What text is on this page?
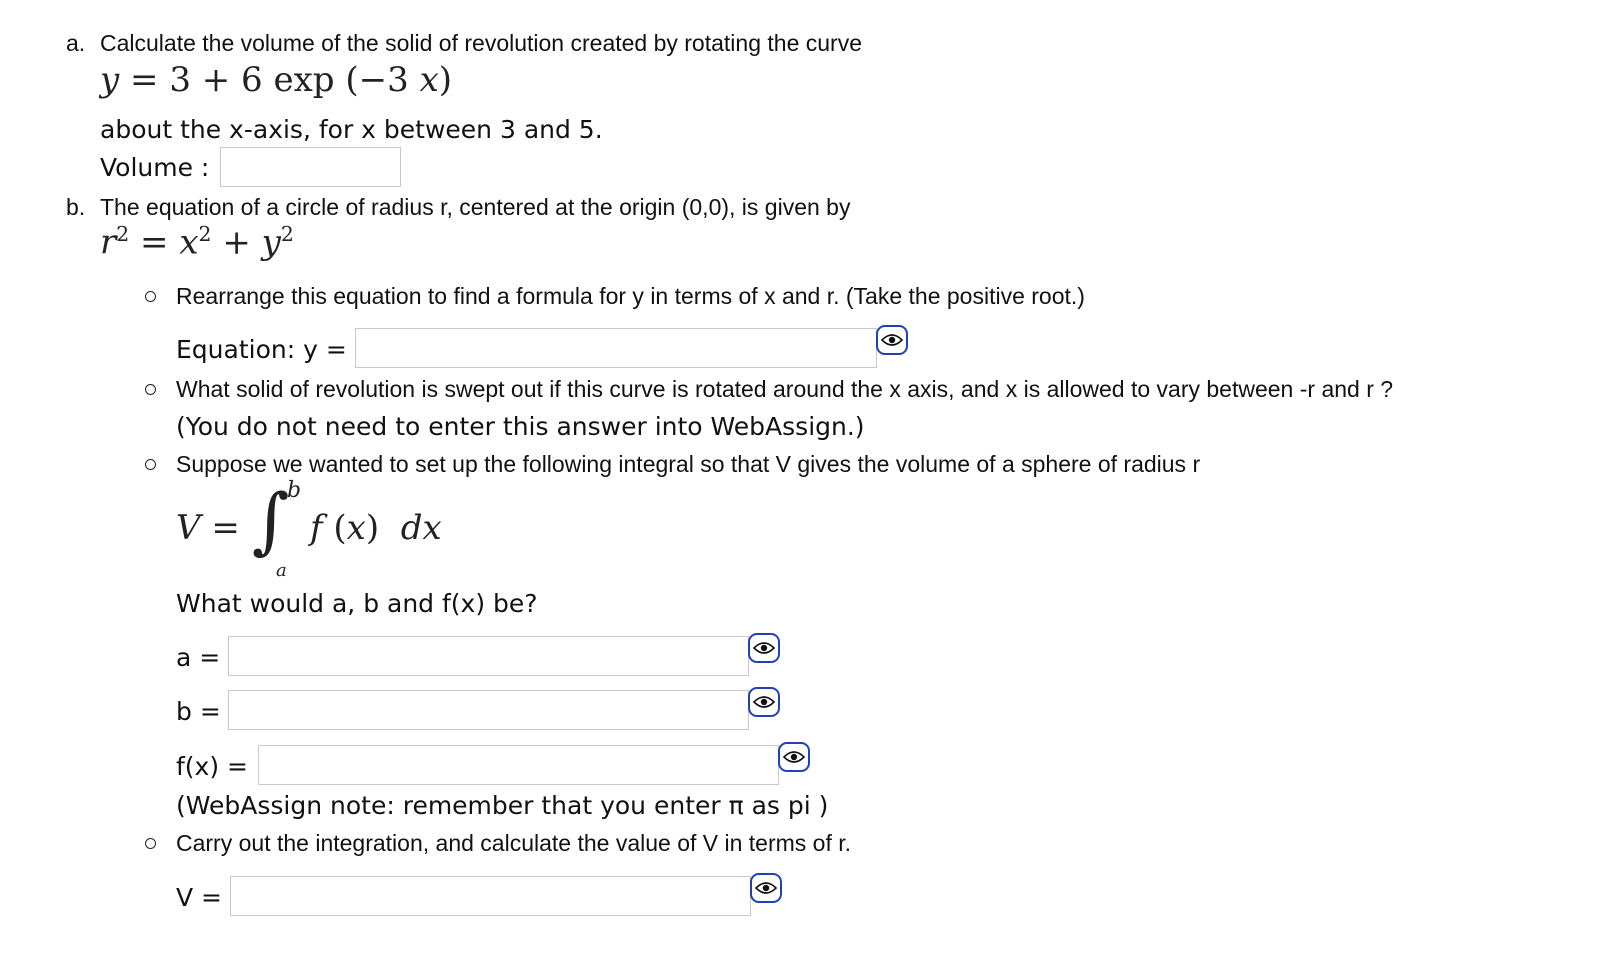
a. Calculate the volume of the solid of revolution created by rotating the curve
y = 3 + 6 exp (−3 x)
about the x-axis, for x between 3 and 5.
Volume :
b. The equation of a circle of radius r, centered at the origin (0,0), is given by
$r^2 = x^2 + y^2$
Rearrange this equation to find a formula for y in terms of x and r. (Take the positive root.)
Equation: y =
What solid of revolution is swept out if this curve is rotated around the x axis, and x is allowed to vary between -r and r ?
(You do not need to enter this answer into WebAssign.)
Suppose we wanted to set up the following integral so that V gives the volume of a sphere of radius r
V = ∫
b
a
f (x)  dx
What would a, b and f(x) be?
a =
b =
f(x) =
(WebAssign note: remember that you enter π as pi )
Carry out the integration, and calculate the value of V in terms of r.
V =
